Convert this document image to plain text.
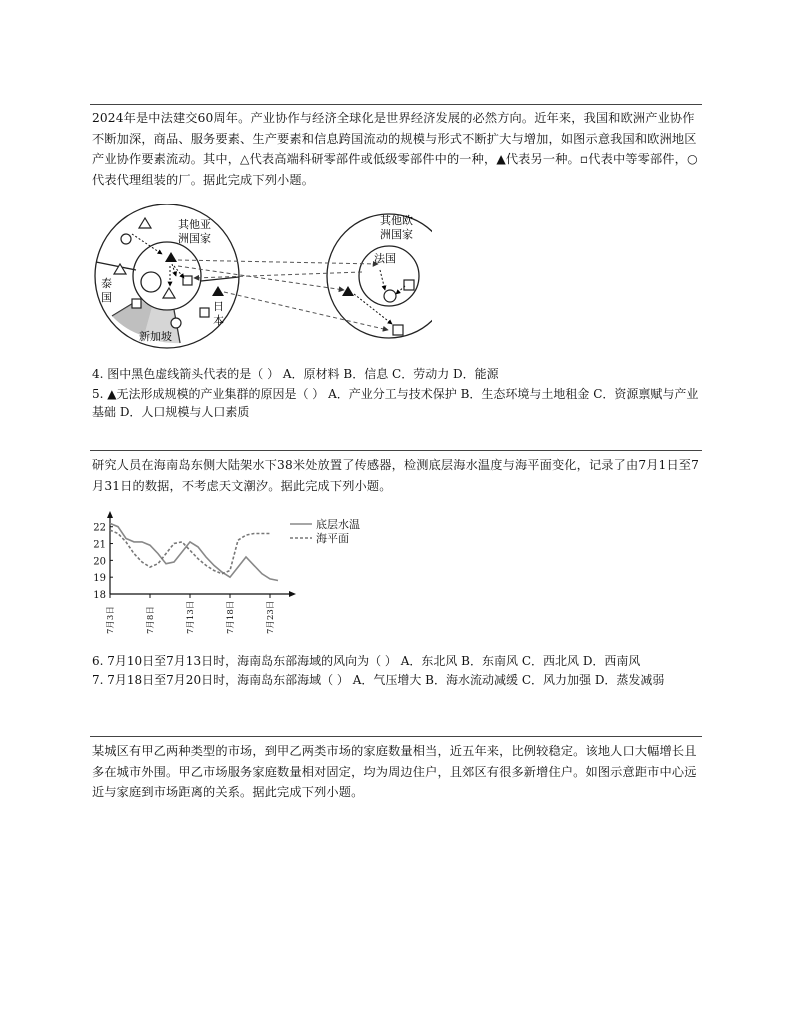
2024年是中法建交60周年。产业协作与经济全球化是世界经济发展的必然方向。近年来，我国和欧洲产业协作不断加深，商品、服务要素、生产要素和信息跨国流动的规模与形式不断扩大与增加，如图示意我国和欧洲地区产业协作要素流动。其中，△代表高端科研零部件或低级零部件中的一种，▲代表另一种。▫代表中等零部件，○代表代理组装的厂。据此完成下列小题。
其他亚
洲国家
泰
国
日
本
新加坡
其他欧
洲国家
法国
4. 图中黑色虚线箭头代表的是（ ） A．原材料 B．信息 C．劳动力 D．能源
5. ▲无法形成规模的产业集群的原因是（ ） A．产业分工与技术保护 B．生态环境与土地租金 C．资源禀赋与产业基础 D．人口规模与人口素质
研究人员在海南岛东侧大陆架水下38米处放置了传感器，检测底层海水温度与海平面变化，记录了由7月1日至7月31日的数据，不考虑天文潮汐。据此完成下列小题。
18
19
20
21
22
7月3日	7月8日	7月13日	7月18日	7月23日
底层水温
海平面
6. 7月10日至7月13日时，海南岛东部海域的风向为（ ） A．东北风 B．东南风 C．西北风 D．西南风
7. 7月18日至7月20日时，海南岛东部海域（ ） A．气压增大 B．海水流动减缓 C．风力加强 D．蒸发减弱
某城区有甲乙两种类型的市场，到甲乙两类市场的家庭数量相当，近五年来，比例较稳定。该地人口大幅增长且多在城市外围。甲乙市场服务家庭数量相对固定，均为周边住户，且郊区有很多新增住户。如图示意距市中心远近与家庭到市场距离的关系。据此完成下列小题。
